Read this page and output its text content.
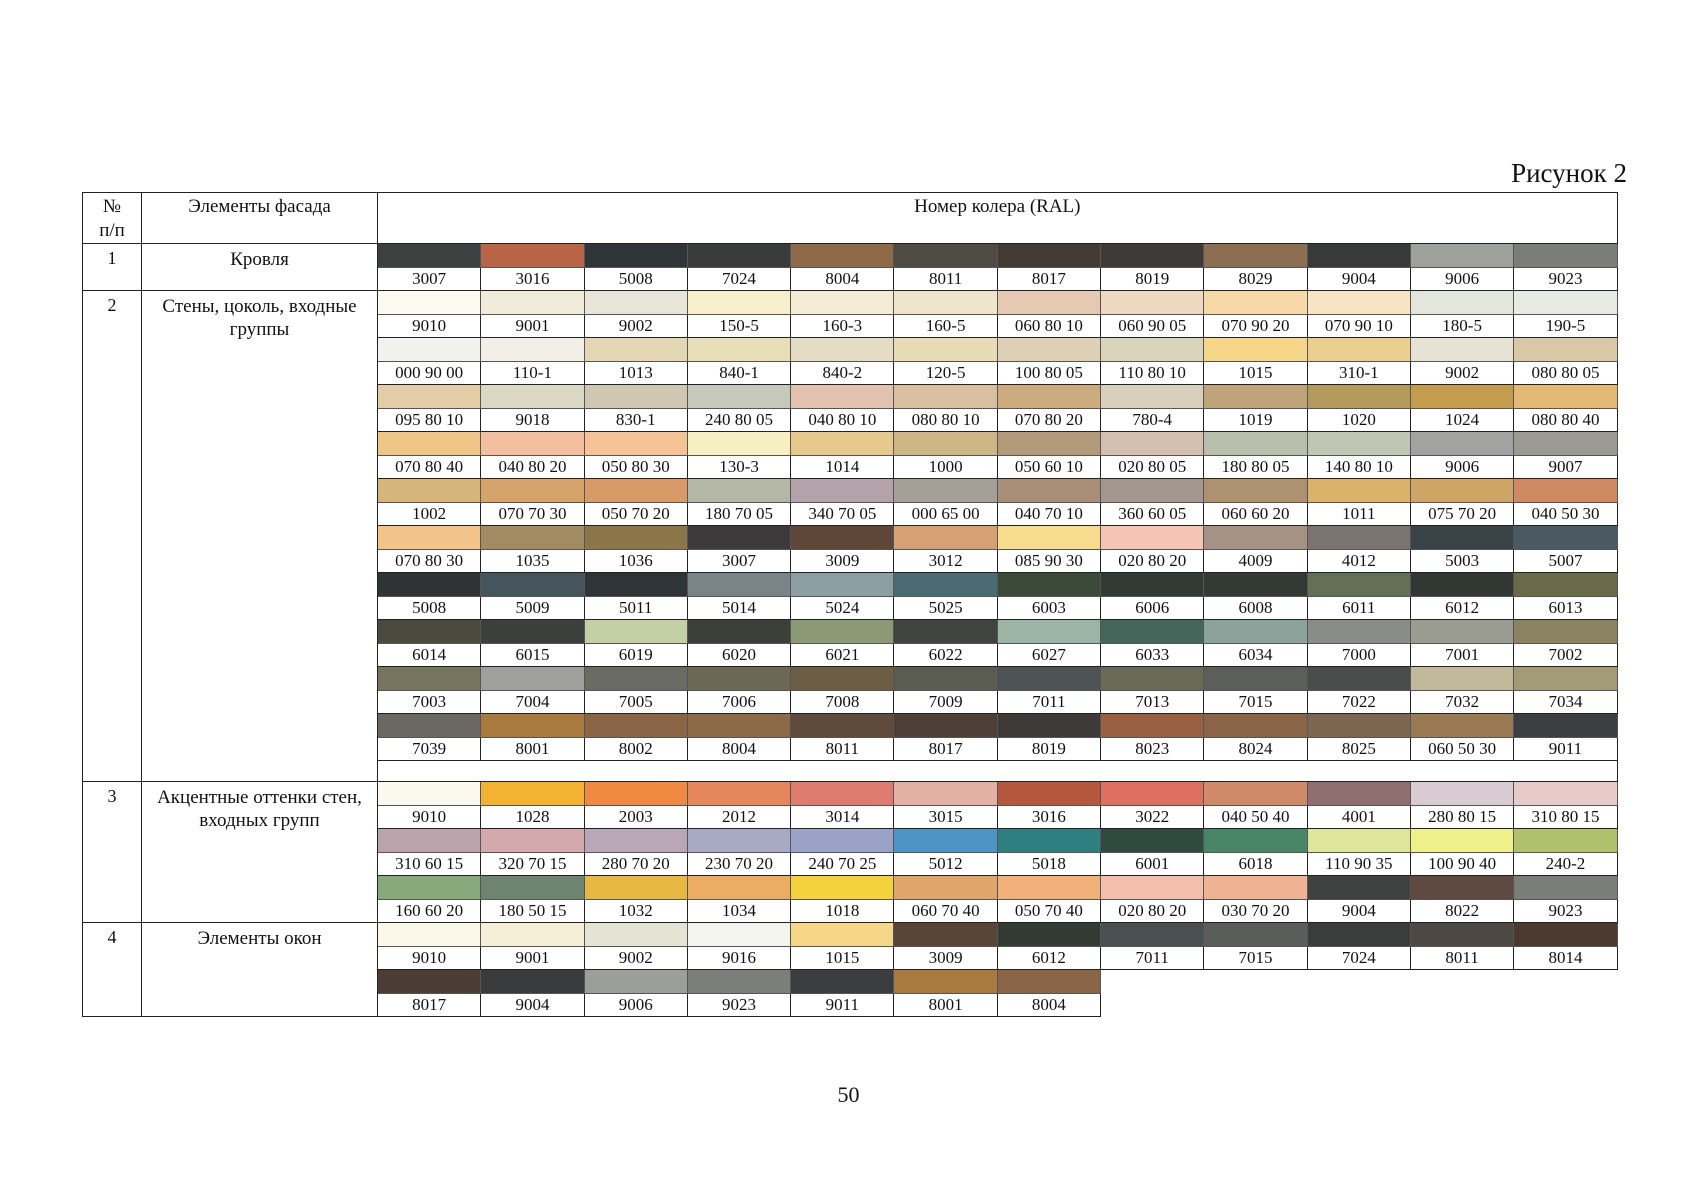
Рисунок 2
№
п/п	Элементы фасада	Номер колера (RAL)											
1	Кровля												
		3007	3016	5008	7024	8004	8011	8017	8019	8029	9004	9006	9023
2	Стены, цоколь, входные группы												
		9010	9001	9002	150-5	160-3	160-5	060 80 10	060 90 05	070 90 20	070 90 10	180-5	190-5

		000 90 00	110-1	1013	840-1	840-2	120-5	100 80 05	110 80 10	1015	310-1	9002	080 80 05

		095 80 10	9018	830-1	240 80 05	040 80 10	080 80 10	070 80 20	780-4	1019	1020	1024	080 80 40

		070 80 40	040 80 20	050 80 30	130-3	1014	1000	050 60 10	020 80 05	180 80 05	140 80 10	9006	9007

		1002	070 70 30	050 70 20	180 70 05	340 70 05	000 65 00	040 70 10	360 60 05	060 60 20	1011	075 70 20	040 50 30

		070 80 30	1035	1036	3007	3009	3012	085 90 30	020 80 20	4009	4012	5003	5007

		5008	5009	5011	5014	5024	5025	6003	6006	6008	6011	6012	6013

		6014	6015	6019	6020	6021	6022	6027	6033	6034	7000	7001	7002

		7003	7004	7005	7006	7008	7009	7011	7013	7015	7022	7032	7034

		7039	8001	8002	8004	8011	8017	8019	8023	8024	8025	060 50 30	9011

3	Акцентные оттенки стен, входных групп												
		9010	1028	2003	2012	3014	3015	3016	3022	040 50 40	4001	280 80 15	310 80 15

		310 60 15	320 70 15	280 70 20	230 70 20	240 70 25	5012	5018	6001	6018	110 90 35	100 90 40	240-2

		160 60 20	180 50 15	1032	1034	1018	060 70 40	050 70 40	020 80 20	030 70 20	9004	8022	9023
4	Элементы окон												
		9010	9001	9002	9016	1015	3009	6012	7011	7015	7024	8011	8014

		8017	9004	9006	9023	9011	8001	8004					
50
